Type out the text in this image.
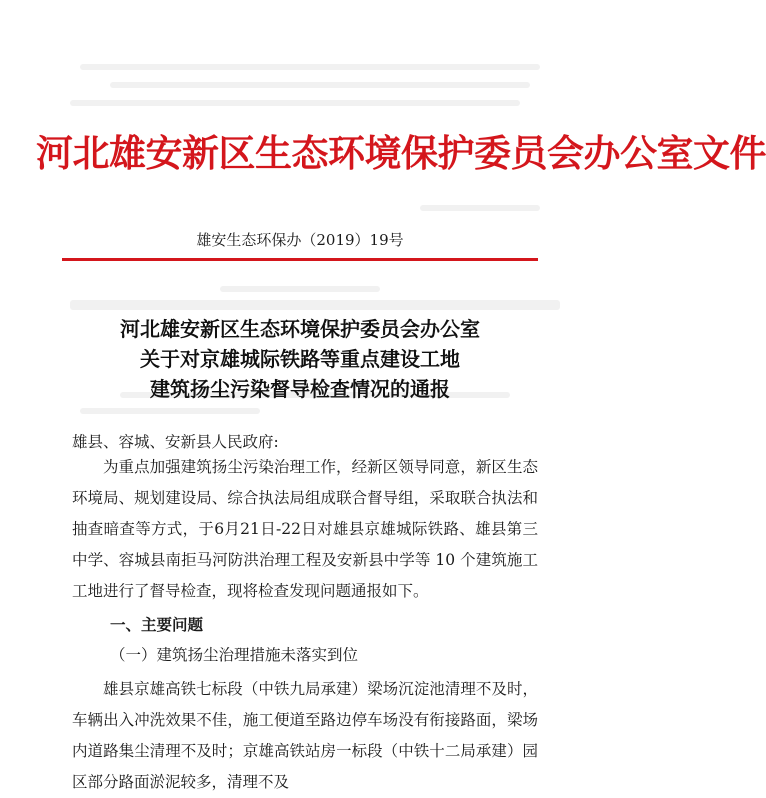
河北雄安新区生态环境保护委员会办公室文件
雄安生态环保办（2019）19号
河北雄安新区生态环境保护委员会办公室
关于对京雄城际铁路等重点建设工地
建筑扬尘污染督导检查情况的通报
雄县、容城、安新县人民政府:

为重点加强建筑扬尘污染治理工作，经新区领导同意，新区生态环境局、规划建设局、综合执法局组成联合督导组，采取联合执法和抽查暗查等方式，于6月21日-22日对雄县京雄城际铁路、雄县第三中学、容城县南拒马河防洪治理工程及安新县中学等 10 个建筑施工工地进行了督导检查，现将检查发现问题通报如下。

一、主要问题
（一）建筑扬尘治理措施未落实到位

雄县京雄高铁七标段（中铁九局承建）梁场沉淀池清理不及时，车辆出入冲洗效果不佳，施工便道至路边停车场没有衔接路面，梁场内道路集尘清理不及时；京雄高铁站房一标段（中铁十二局承建）园区部分路面淤泥较多，清理不及
